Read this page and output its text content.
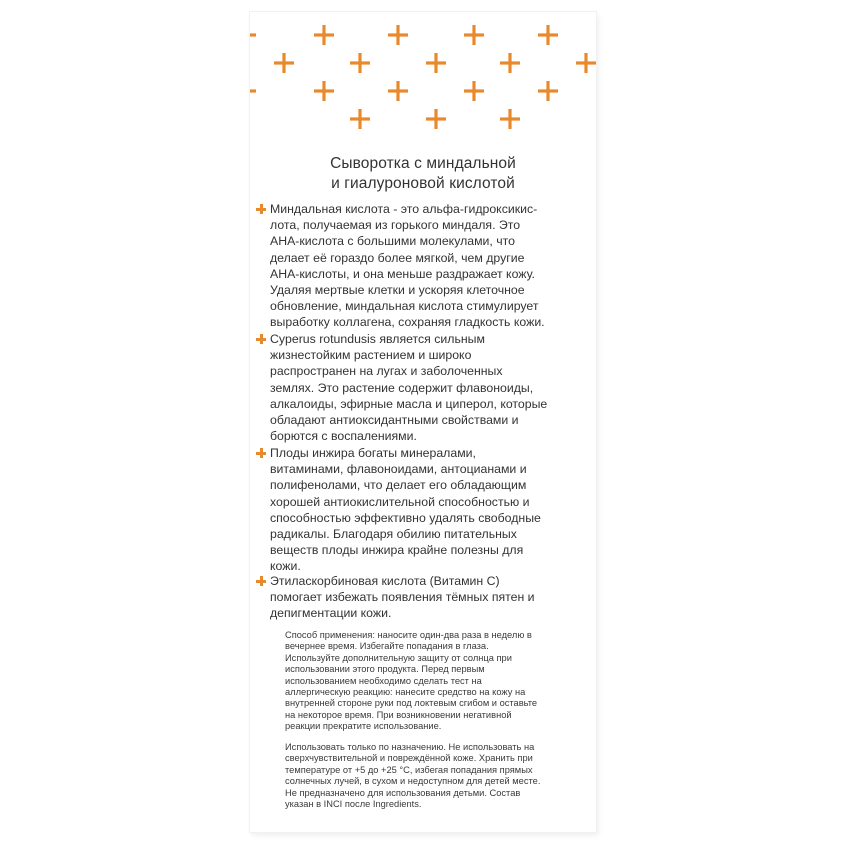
Сыворотка с миндальной
и гиалуроновой кислотой
Миндальная кислота - это альфа-гидроксикис-
лота, получаемая из горького миндаля. Это
АНА-кислота с большими молекулами, что
делает её гораздо более мягкой, чем другие
АНА-кислоты, и она меньше раздражает кожу.
Удаляя мертвые клетки и ускоряя клеточное
обновление, миндальная кислота стимулирует
выработку коллагена, сохраняя гладкость кожи.
Cyperus rotundusis является сильным
жизнестойким растением и широко
распространен на лугах и заболоченных
землях. Это растение содержит флавоноиды,
алкалоиды, эфирные масла и циперол, которые
обладают антиоксидантными свойствами и
борются с воспалениями.
Плоды инжира богаты минералами,
витаминами, флавоноидами, антоцианами и
полифенолами, что делает его обладающим
хорошей антиокислительной способностью и
способностью эффективно удалять свободные
радикалы. Благодаря обилию питательных
веществ плоды инжира крайне полезны для
кожи.
Этиласкорбиновая кислота (Витамин С)
помогает избежать появления тёмных пятен и
депигментации кожи.
Способ применения: наносите один-два раза в неделю в
вечернее время. Избегайте попадания в глаза.
Используйте дополнительную защиту от солнца при
использовании этого продукта. Перед первым
использованием необходимо сделать тест на
аллергическую реакцию: нанесите средство на кожу на
внутренней стороне руки под локтевым сгибом и оставьте
на некоторое время. При возникновении негативной
реакции прекратите использование.
Использовать только по назначению. Не использовать на
сверхчувствительной и повреждённой коже. Хранить при
температуре от +5 до +25 °С, избегая попадания прямых
солнечных лучей, в сухом и недоступном для детей месте.
Не предназначено для использования детьми. Состав
указан в INCI после Ingredients.
